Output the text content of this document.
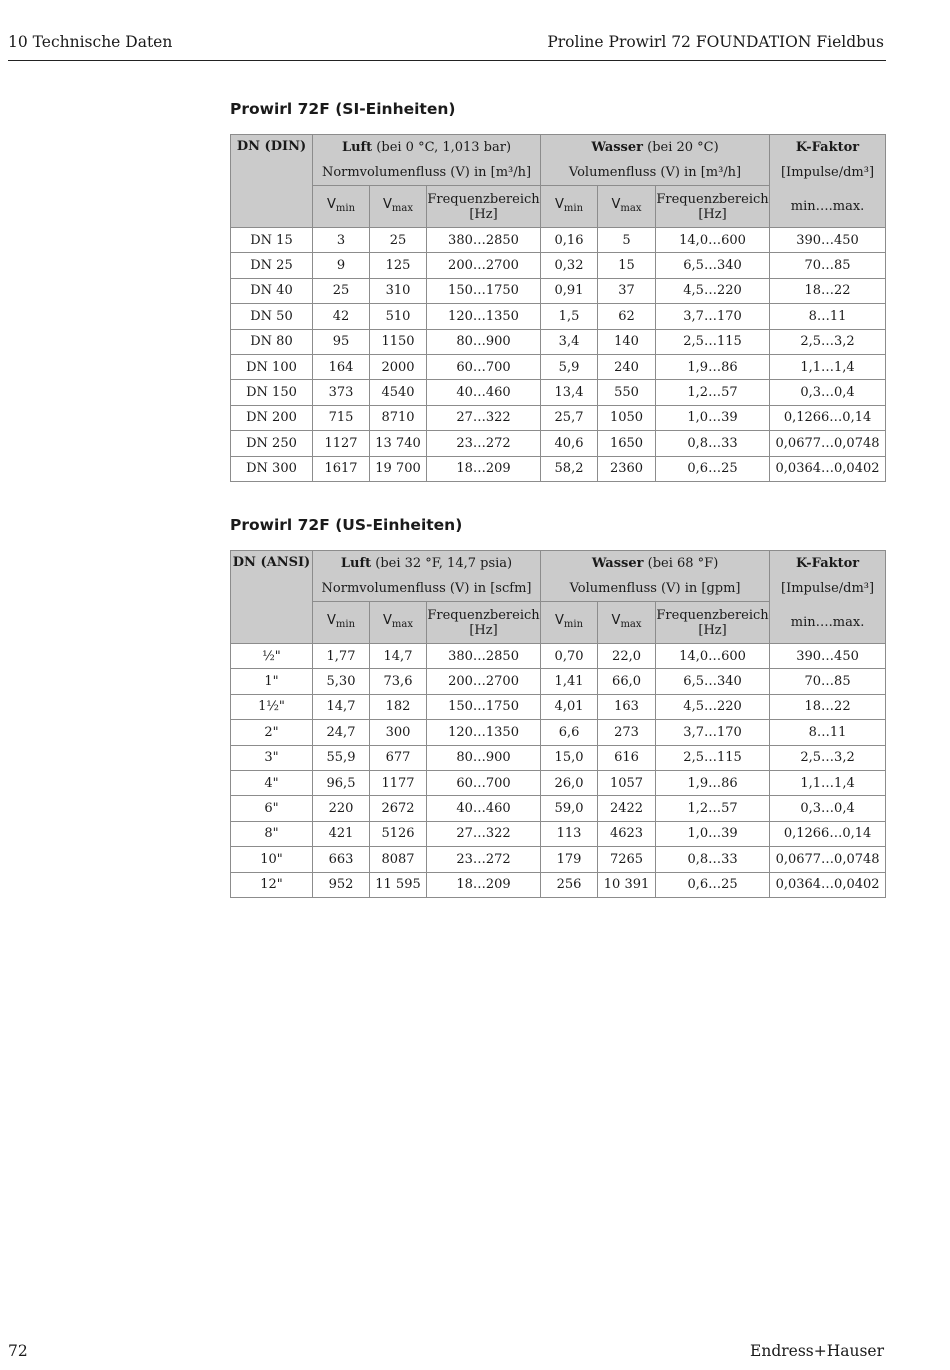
10 Technische Daten	Proline Prowirl 72 FOUNDATION Fieldbus
Prowirl 72F (SI-Einheiten)
DN (DIN)	Luft (bei 0 °C, 1,013 bar)			Wasser (bei 20 °C)			K-Faktor
	Normvolumenfluss (V) in [m³/h]			Volumenfluss (V) in [m³/h]			[Impulse/dm³]
	$V_{min}$	$V_{max}$	Frequenzbereich
[Hz]	$V_{min}$	$V_{max}$	Frequenzbereich
[Hz]	min….max.
DN 15	3	25	380…2850	0,16	5	14,0…600	390…450
DN 25	9	125	200…2700	0,32	15	6,5…340	70…85
DN 40	25	310	150…1750	0,91	37	4,5…220	18…22
DN 50	42	510	120…1350	1,5	62	3,7…170	8…11
DN 80	95	1150	80…900	3,4	140	2,5…115	2,5…3,2
DN 100	164	2000	60…700	5,9	240	1,9…86	1,1…1,4
DN 150	373	4540	40…460	13,4	550	1,2…57	0,3…0,4
DN 200	715	8710	27…322	25,7	1050	1,0…39	0,1266…0,14
DN 250	1127	13 740	23…272	40,6	1650	0,8…33	0,0677…0,0748
DN 300	1617	19 700	18…209	58,2	2360	0,6…25	0,0364…0,0402
Prowirl 72F (US-Einheiten)
DN (ANSI)	Luft (bei 32 °F, 14,7 psia)			Wasser (bei 68 °F)			K-Faktor
	Normvolumenfluss (V) in [scfm]			Volumenfluss (V) in [gpm]			[Impulse/dm³]
	$V_{min}$	$V_{max}$	Frequenzbereich
[Hz]	$V_{min}$	$V_{max}$	Frequenzbereich
[Hz]	min….max.
½"	1,77	14,7	380…2850	0,70	22,0	14,0…600	390…450
1"	5,30	73,6	200…2700	1,41	66,0	6,5…340	70…85
1½"	14,7	182	150…1750	4,01	163	4,5…220	18…22
2"	24,7	300	120…1350	6,6	273	3,7…170	8…11
3"	55,9	677	80…900	15,0	616	2,5…115	2,5…3,2
4"	96,5	1177	60…700	26,0	1057	1,9…86	1,1…1,4
6"	220	2672	40…460	59,0	2422	1,2…57	0,3…0,4
8"	421	5126	27…322	113	4623	1,0…39	0,1266…0,14
10"	663	8087	23…272	179	7265	0,8…33	0,0677…0,0748
12"	952	11 595	18…209	256	10 391	0,6…25	0,0364…0,0402
72	Endress+Hauser
